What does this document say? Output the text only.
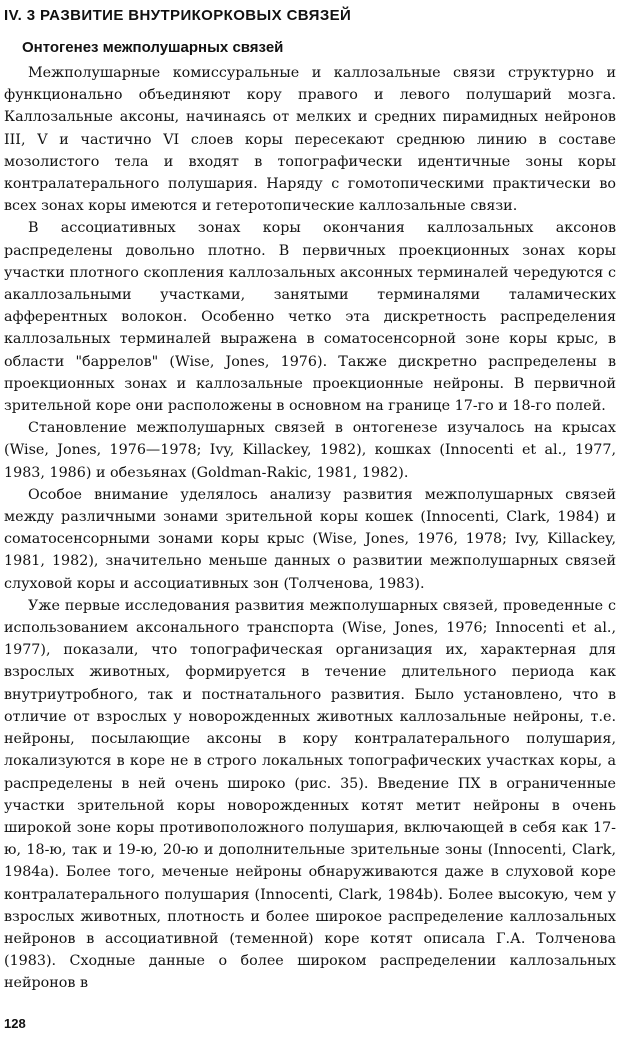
IV. 3 РАЗВИТИЕ ВНУТРИКОРКОВЫХ СВЯЗЕЙ
Онтогенез межполушарных связей

Межполушарные комиссуральные и каллозальные связи структурно и функционально объединяют кору правого и левого полушарий мозга. Каллозальные аксоны, начинаясь от мелких и средних пирамидных нейронов III, V и частично VI слоев коры пересекают среднюю линию в составе мозолистого тела и входят в топографически идентичные зоны коры контралатерального полушария. Наряду с гомотопическими практически во всех зонах коры имеются и гетеротопические каллозальные связи.

В ассоциативных зонах коры окончания каллозальных аксонов распределены довольно плотно. В первичных проекционных зонах коры участки плотного скопления каллозальных аксонных терминалей чередуются с акаллозальными участками, занятыми терминалями таламических афферентных волокон. Особенно четко эта дискретность распределения каллозальных терминалей выражена в соматосенсорной зоне коры крыс, в области "баррелов" (Wise, Jones, 1976). Также дискретно распределены в проекционных зонах и каллозальные проекционные нейроны. В первичной зрительной коре они расположены в основном на границе 17-го и 18-го полей.

Становление межполушарных связей в онтогенезе изучалось на крысах (Wise, Jones, 1976—1978; Ivy, Killackey, 1982), кошках (Innocenti et al., 1977, 1983, 1986) и обезьянах (Goldman-Rakic, 1981, 1982).

Особое внимание уделялось анализу развития межполушарных связей между различными зонами зрительной коры кошек (Innocenti, Clark, 1984) и соматосенсорными зонами коры крыс (Wise, Jones, 1976, 1978; Ivy, Killackey, 1981, 1982), значительно меньше данных о развитии межполушарных связей слуховой коры и ассоциативных зон (Толченова, 1983).

Уже первые исследования развития межполушарных связей, проведенные с использованием аксонального транспорта (Wise, Jones, 1976; Innocenti et al., 1977), показали, что топографическая организация их, характерная для взрослых животных, формируется в течение длительного периода как внутриутробного, так и постнатального развития. Было установлено, что в отличие от взрослых у новорожденных животных каллозальные нейроны, т.е. нейроны, посылающие аксоны в кору контралатерального полушария, локализуются в коре не в строго локальных топографических участках коры, а распределены в ней очень широко (рис. 35). Введение ПХ в ограниченные участки зрительной коры новорожденных котят метит нейроны в очень широкой зоне коры противоположного полушария, включающей в себя как 17-ю, 18-ю, так и 19-ю, 20-ю и дополнительные зрительные зоны (Innocenti, Clark, 1984a). Более того, меченые нейроны обнаруживаются даже в слуховой коре контралатерального полушария (Innocenti, Clark, 1984b). Более высокую, чем у взрослых животных, плотность и более широкое распределение каллозальных нейронов в ассоциативной (теменной) коре котят описала Г.А. Толченова (1983). Сходные данные о более широком распределении каллозальных нейронов в

128
